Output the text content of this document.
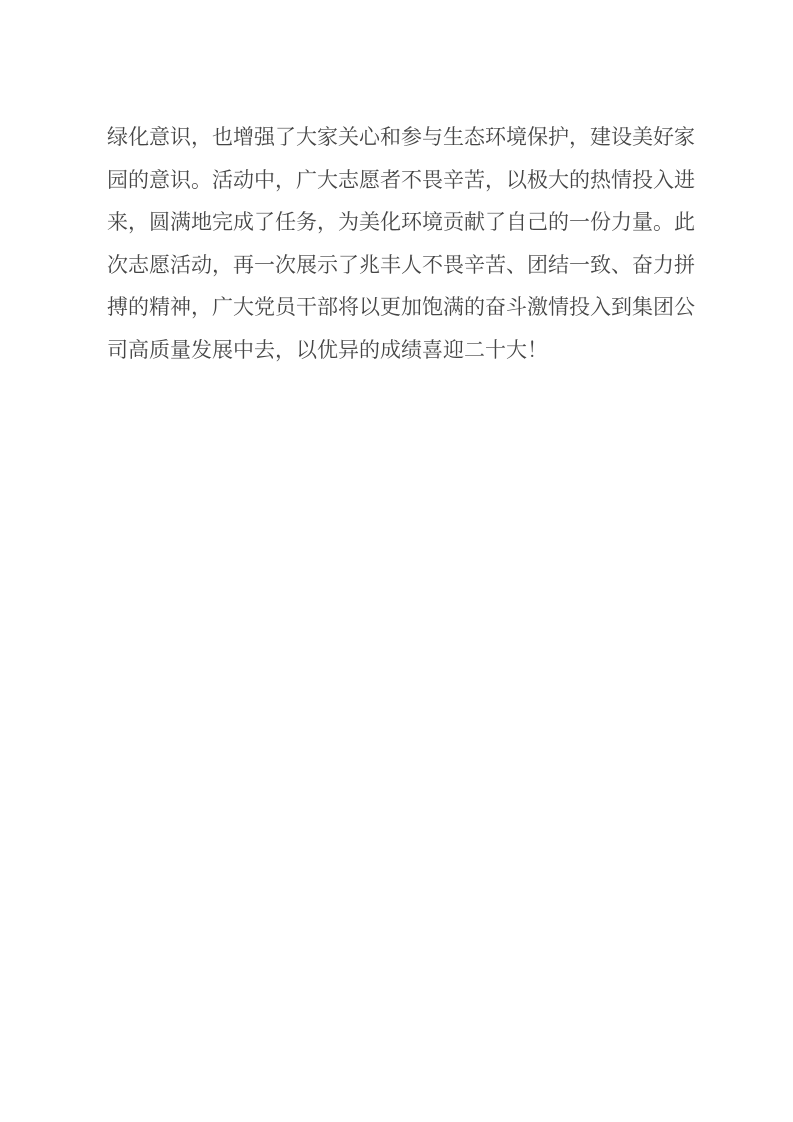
绿化意识，也增强了大家关心和参与生态环境保护，建设美好家
园的意识。活动中，广大志愿者不畏辛苦，以极大的热情投入进
来，圆满地完成了任务，为美化环境贡献了自己的一份力量。此
次志愿活动，再一次展示了兆丰人不畏辛苦、团结一致、奋力拼
搏的精神，广大党员干部将以更加饱满的奋斗激情投入到集团公
司高质量发展中去，以优异的成绩喜迎二十大！
